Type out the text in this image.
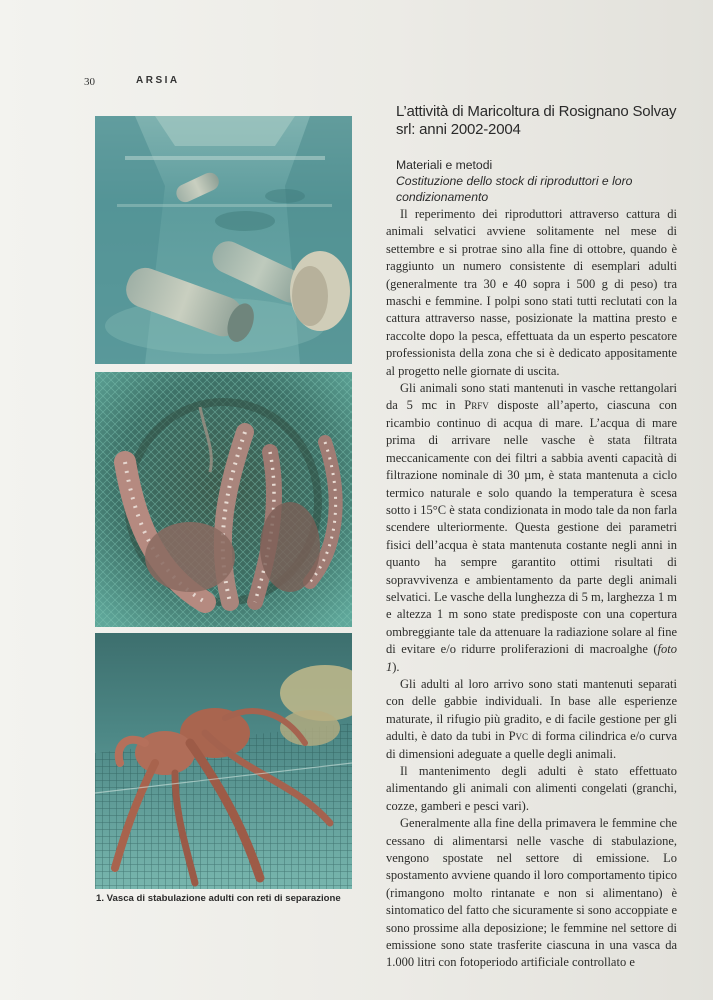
30	ARSIA
1. Vasca di stabulazione adulti con reti di separazione
L’attività di Maricoltura di Rosignano Solvay srl: anni 2002-2004
Materiali e metodi
Costituzione dello stock di riproduttori e loro condizionamento

Il reperimento dei riproduttori attraverso cattura di animali selvatici avviene solitamente nel mese di settembre e si protrae sino alla fine di ottobre, quando è raggiunto un numero consistente di esemplari adulti (generalmente tra 30 e 40 sopra i 500 g di peso) tra maschi e femmine. I polpi sono stati tutti reclutati con la cattura attraverso nasse, posizionate la mattina presto e raccolte dopo la pesca, effettuata da un esperto pescatore professionista della zona che si è dedicato appositamente al progetto nelle giornate di uscita.

Gli animali sono stati mantenuti in vasche rettangolari da 5 mc in Prfv disposte all’aperto, ciascuna con ricambio continuo di acqua di mare. L’acqua di mare prima di arrivare nelle vasche è stata filtrata meccanicamente con dei filtri a sabbia aventi capacità di filtrazione nominale di 30 µm, è stata mantenuta a ciclo termico naturale e solo quando la temperatura è scesa sotto i 15°C è stata condizionata in modo tale da non farla scendere ulteriormente. Questa gestione dei parametri fisici dell’acqua è stata mantenuta costante negli anni in quanto ha sempre garantito ottimi risultati di sopravvivenza e ambientamento da parte degli animali selvatici. Le vasche della lunghezza di 5 m, larghezza 1 m e altezza 1 m sono state predisposte con una copertura ombreggiante tale da attenuare la radiazione solare al fine di evitare e/o ridurre proliferazioni di macroalghe (foto 1).

Gli adulti al loro arrivo sono stati mantenuti separati con delle gabbie individuali. In base alle esperienze maturate, il rifugio più gradito, e di facile gestione per gli adulti, è dato da tubi in Pvc di forma cilindrica e/o curva di dimensioni adeguate a quelle degli animali.

Il mantenimento degli adulti è stato effettuato alimentando gli animali con alimenti congelati (granchi, cozze, gamberi e pesci vari).

Generalmente alla fine della primavera le femmine che cessano di alimentarsi nelle vasche di stabulazione, vengono spostate nel settore di emissione. Lo spostamento avviene quando il loro comportamento tipico (rimangono molto rintanate e non si alimentano) è sintomatico del fatto che sicuramente si sono accoppiate e sono prossime alla deposizione; le femmine nel settore di emissione sono state trasferite ciascuna in una vasca da 1.000 litri con fotoperiodo artificiale controllato e
